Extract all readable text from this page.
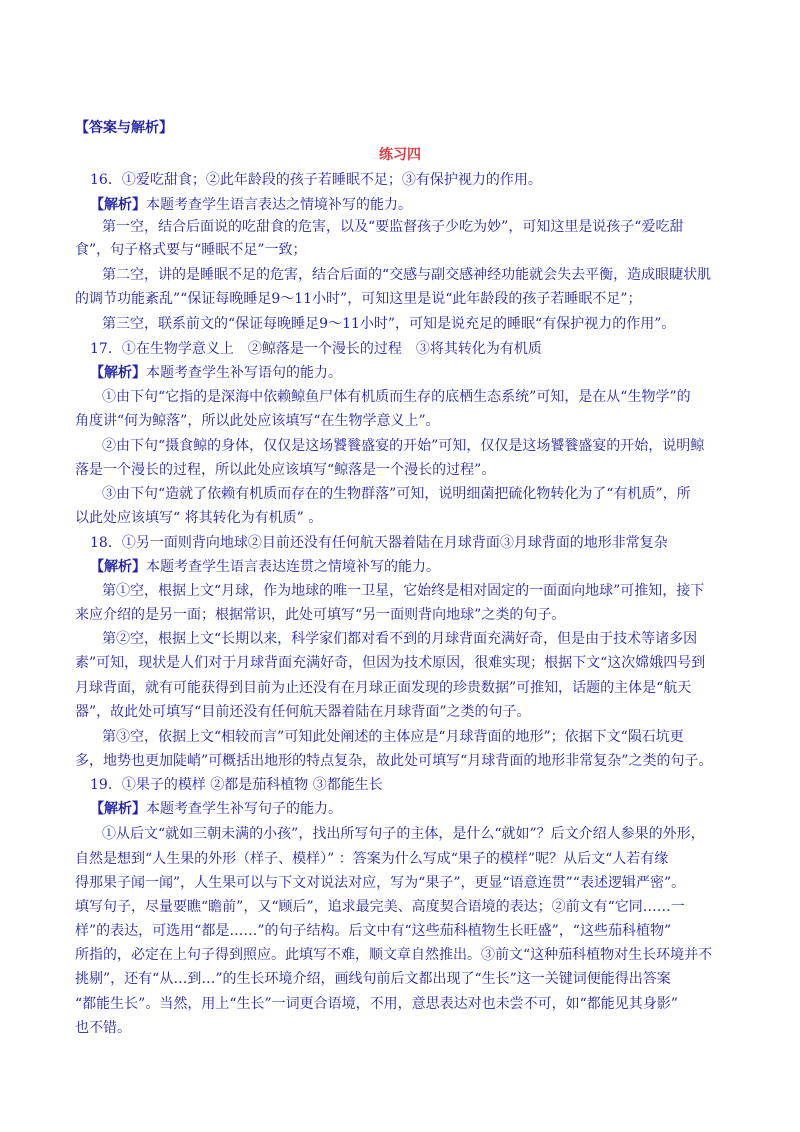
【答案与解析】
练习四
16．①爱吃甜食；②此年龄段的孩子若睡眠不足；③有保护视力的作用。
【解析】本题考查学生语言表达之情境补写的能力。
第一空，结合后面说的吃甜食的危害，以及“要监督孩子少吃为妙”，可知这里是说孩子“爱吃甜
食”，句子格式要与“睡眠不足”一致；
第二空，讲的是睡眠不足的危害，结合后面的“交感与副交感神经功能就会失去平衡，造成眼睫状肌
的调节功能紊乱”“保证每晚睡足9～11小时”，可知这里是说“此年龄段的孩子若睡眠不足”；
第三空，联系前文的“保证每晚睡足9～11小时”，可知是说充足的睡眠“有保护视力的作用”。
17．①在生物学意义上　②鲸落是一个漫长的过程　③将其转化为有机质
【解析】本题考查学生补写语句的能力。
①由下句“它指的是深海中依赖鲸鱼尸体有机质而生存的底栖生态系统”可知，是在从“生物学”的
角度讲“何为鲸落”，所以此处应该填写“在生物学意义上”。
②由下句“摄食鲸的身体，仅仅是这场饕餮盛宴的开始”可知，仅仅是这场饕餮盛宴的开始，说明鲸
落是一个漫长的过程，所以此处应该填写“鲸落是一个漫长的过程”。
③由下句“造就了依赖有机质而存在的生物群落”可知，说明细菌把硫化物转化为了“有机质”，所
以此处应该填写“ 将其转化为有机质” 。
18．①另一面则背向地球②目前还没有任何航天器着陆在月球背面③月球背面的地形非常复杂
【解析】本题考查学生语言表达连贯之情境补写的能力。
第①空，根据上文“月球，作为地球的唯一卫星，它始终是相对固定的一面面向地球”可推知，接下
来应介绍的是另一面；根据常识，此处可填写“另一面则背向地球”之类的句子。
第②空，根据上文“长期以来，科学家们都对看不到的月球背面充满好奇，但是由于技术等诸多因
素”可知，现状是人们对于月球背面充满好奇，但因为技术原因，很难实现；根据下文“这次嫦娥四号到
月球背面，就有可能获得到目前为止还没有在月球正面发现的珍贵数据”可推知，话题的主体是“航天
器”，故此处可填写“目前还没有任何航天器着陆在月球背面”之类的句子。
第③空，依据上文“相较而言”可知此处阐述的主体应是“月球背面的地形”；依据下文“陨石坑更
多，地势也更加陡峭”可概括出地形的特点复杂，故此处可填写“月球背面的地形非常复杂”之类的句子。
19．①果子的模样 ②都是茄科植物 ③都能生长
【解析】本题考查学生补写句子的能力。
①从后文“就如三朝未满的小孩”，找出所写句子的主体，是什么“就如”？后文介绍人参果的外形，
自然是想到“人生果的外形（样子、模样）” ：答案为什么写成“果子的模样”呢？从后文“人若有缘
得那果子闻一闻”，人生果可以与下文对说法对应，写为“果子”，更显“语意连贯”“表述逻辑严密”。
填写句子，尽量要瞧“瞻前”，又“顾后”，追求最完美、高度契合语境的表达；②前文有“它同……一
样”的表达，可选用“都是……”的句子结构。后文中有“这些茄科植物生长旺盛”，“这些茄科植物”
所指的，必定在上句子得到照应。此填写不难，顺文章自然推出。③前文“这种茄科植物对生长环境并不
挑剔”，还有“从…到…”的生长环境介绍，画线句前后文都出现了“生长”这一关键词便能得出答案
“都能生长”。当然，用上“生长”一词更合语境，不用，意思表达对也未尝不可，如“都能见其身影”
也不错。
